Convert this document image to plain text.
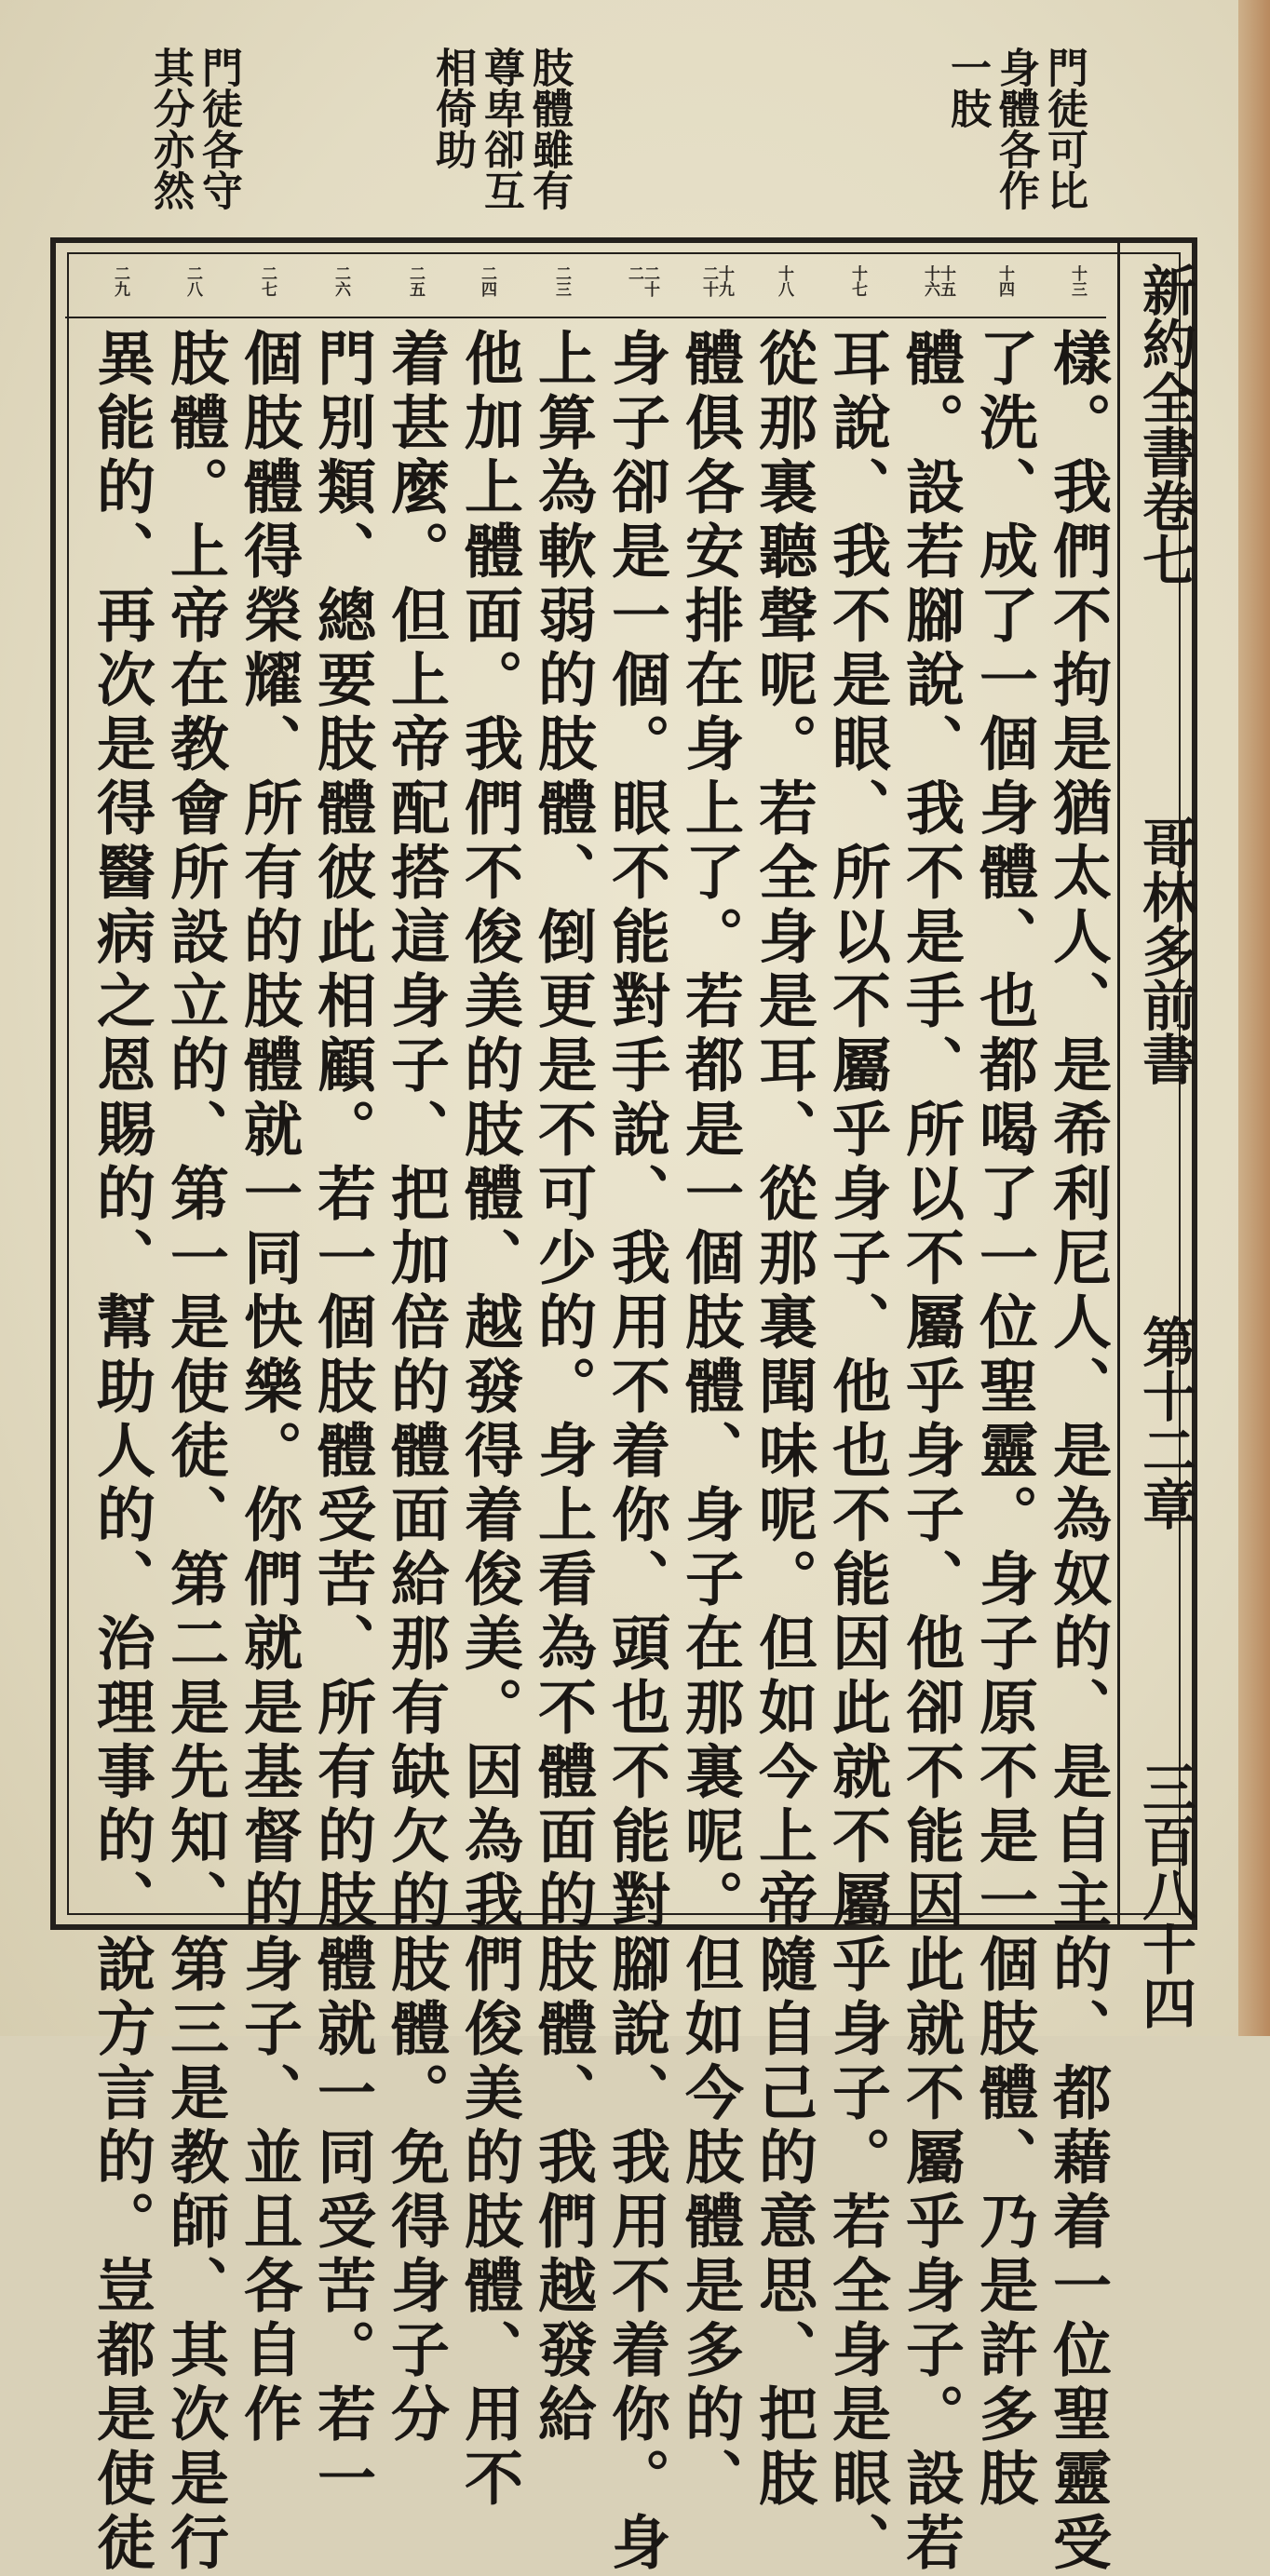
門徒可比身體各作一肢
肢體雖有尊卑卻互相倚助
門徒各守其分亦然
新約全書卷七  哥林多前書  第十二章  三百八十四
十三
十四
十五十六
十七
十八
十九二十
二十二
二三
二四
二五
二六
二七
二八
二九
樣。我們不拘是猶太人、是希利尼人、是為奴的、是自主的、都藉着一位聖靈受
了洗、成了一個身體、也都喝了一位聖靈。身子原不是一個肢體、乃是許多肢
體。設若腳說、我不是手、所以不屬乎身子、他卻不能因此就不屬乎身子。設若
耳說、我不是眼、所以不屬乎身子、他也不能因此就不屬乎身子。若全身是眼、
從那裏聽聲呢。若全身是耳、從那裏聞味呢。但如今上帝隨自己的意思、把肢
體俱各安排在身上了。若都是一個肢體、身子在那裏呢。但如今肢體是多的、
身子卻是一個。眼不能對手說、我用不着你、頭也不能對腳說、我用不着你。身
上算為軟弱的肢體、倒更是不可少的。身上看為不體面的肢體、我們越發給
他加上體面。我們不俊美的肢體、越發得着俊美。因為我們俊美的肢體、用不
着甚麼。但上帝配搭這身子、把加倍的體面給那有缺欠的肢體。免得身子分
門別類、總要肢體彼此相顧。若一個肢體受苦、所有的肢體就一同受苦。若一
個肢體得榮耀、所有的肢體就一同快樂。你們就是基督的身子、並且各自作
肢體。上帝在教會所設立的、第一是使徒、第二是先知、第三是教師、其次是行
異能的、再次是得醫病之恩賜的、幫助人的、治理事的、說方言的。豈都是使徒
